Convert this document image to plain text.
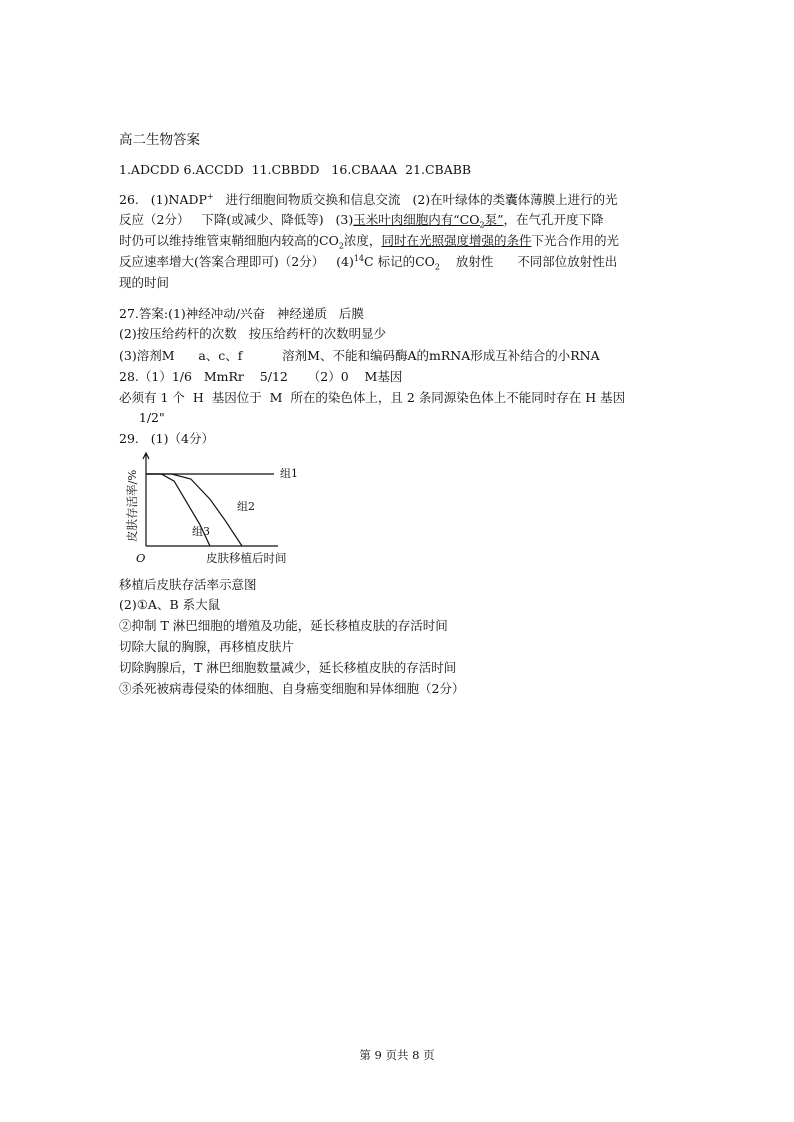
高二生物答案
1.ADCDD 6.ACCDD  11.CBBDD   16.CBAAA  21.CBABB
26.   (1)NADP+   进行细胞间物质交换和信息交流   (2)在叶绿体的类囊体薄膜上进行的光
反应（2分）   下降(或减少、降低等)   (3)玉米叶肉细胞内有“$CO_2$泵”，在气孔开度下降
时仍可以维持维管束鞘细胞内较高的$CO_2$浓度，同时在光照强度增强的条件下光合作用的光
反应速率增大(答案合理即可)（2分）   $(4)^{14}C$ 标记的$CO_2$    放射性      不同部位放射性出
现的时间
27.答案:(1)神经冲动/兴奋   神经递质   后膜
(2)按压给药杆的次数   按压给药杆的次数明显少
(3)溶剂M      a、c、f          溶剂M、不能和编码酶A的mRNA形成互补结合的小RNA
28.（1）1/6   MmRr    5/12     （2）0    M基因
必须有 1 个  H  基因位于  M  所在的染色体上，且 2 条同源染色体上不能同时存在 H 基因
1/2"
29.   (1)（4分）
组1
组2
组3
皮肤存活率/%
皮肤移植后时间
O
移植后皮肤存活率示意图
(2)①A、B 系大鼠
②抑制 T 淋巴细胞的增殖及功能，延长移植皮肤的存活时间
切除大鼠的胸腺，再移植皮肤片
切除胸腺后，T 淋巴细胞数量减少，延长移植皮肤的存活时间
③杀死被病毒侵染的体细胞、自身癌变细胞和异体细胞（2分）
第 9 页共 8 页
